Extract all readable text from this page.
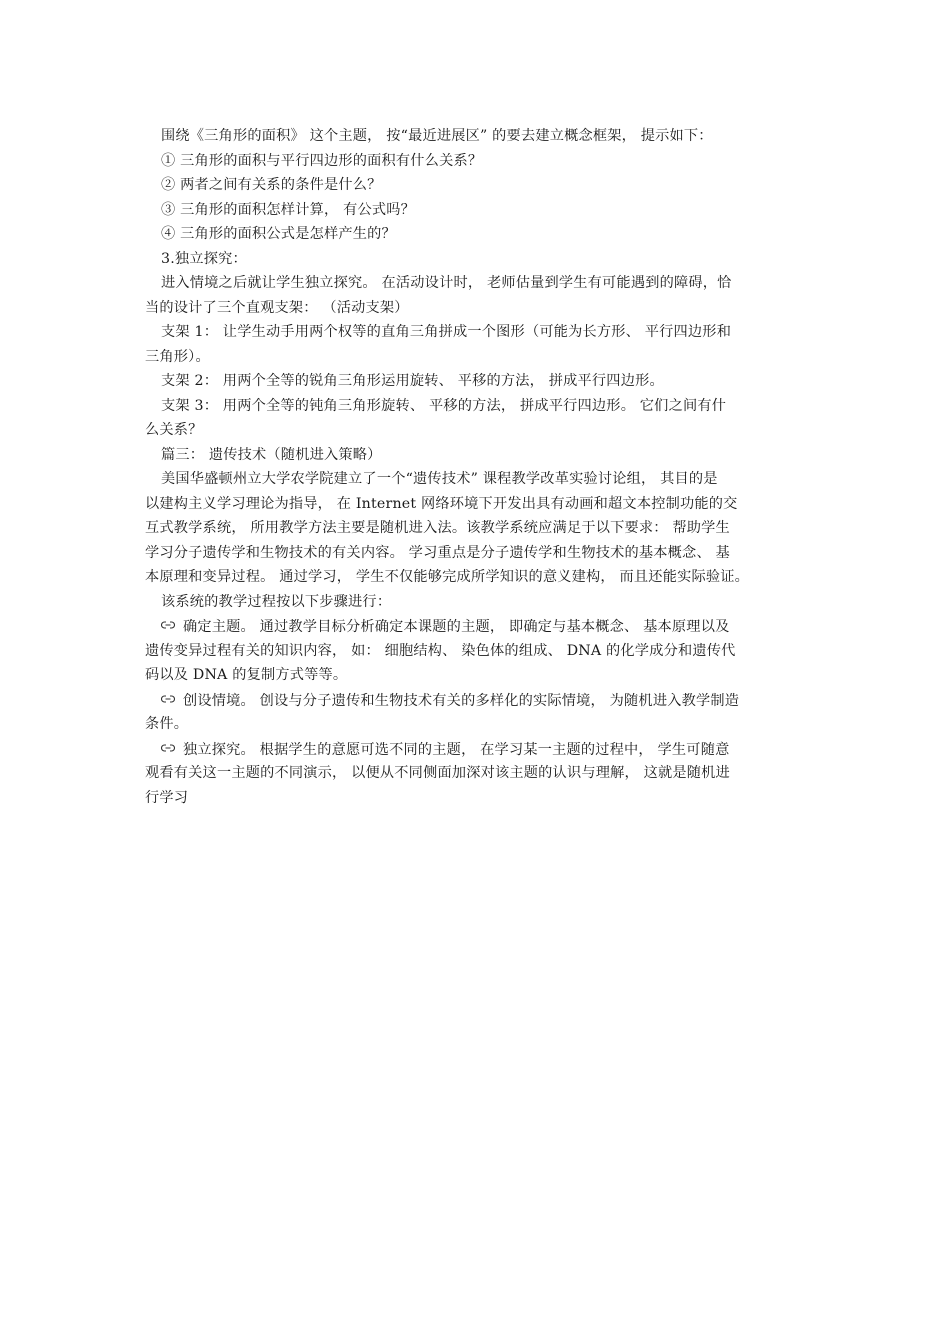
围绕《三角形的面积》 这个主题， 按“最近进展区” 的要去建立概念框架， 提示如下：
① 三角形的面积与平行四边形的面积有什么关系？
② 两者之间有关系的条件是什么？
③ 三角形的面积怎样计算， 有公式吗？
④ 三角形的面积公式是怎样产生的？
3.独立探究：
进入情境之后就让学生独立探究。 在活动设计时， 老师估量到学生有可能遇到的障碍，恰
当的设计了三个直观支架： （活动支架）
支架 1： 让学生动手用两个权等的直角三角拼成一个图形（可能为长方形、 平行四边形和
三角形）。
支架 2： 用两个全等的锐角三角形运用旋转、 平移的方法， 拼成平行四边形。
支架 3： 用两个全等的钝角三角形旋转、 平移的方法， 拼成平行四边形。 它们之间有什
么关系？
篇三： 遗传技术（随机进入策略）
美国华盛顿州立大学农学院建立了一个“遗传技术” 课程教学改革实验讨论组， 其目的是
以建构主义学习理论为指导， 在 Internet 网络环境下开发出具有动画和超文本控制功能的交
互式教学系统， 所用教学方法主要是随机进入法。该教学系统应满足于以下要求： 帮助学生
学习分子遗传学和生物技术的有关内容。 学习重点是分子遗传学和生物技术的基本概念、 基
本原理和变异过程。 通过学习， 学生不仅能够完成所学知识的意义建构， 而且还能实际验证。
该系统的教学过程按以下步骤进行：
确定主题。 通过教学目标分析确定本课题的主题， 即确定与基本概念、 基本原理以及
遗传变异过程有关的知识内容， 如： 细胞结构、 染色体的组成、 DNA 的化学成分和遗传代
码以及 DNA 的复制方式等等。
创设情境。 创设与分子遗传和生物技术有关的多样化的实际情境， 为随机进入教学制造
条件。
独立探究。 根据学生的意愿可选不同的主题， 在学习某一主题的过程中， 学生可随意
观看有关这一主题的不同演示， 以便从不同侧面加深对该主题的认识与理解， 这就是随机进
行学习
